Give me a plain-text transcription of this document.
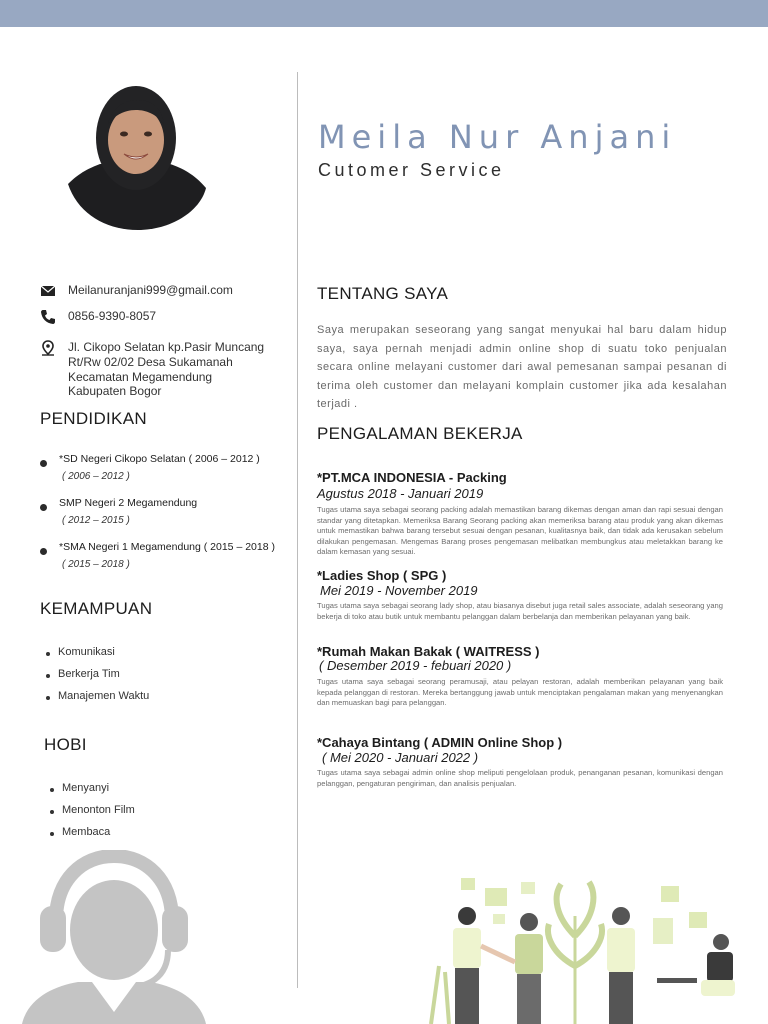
Meila Nur Anjani
Cutomer Service
Meilanuranjani999@gmail.com
0856-9390-8057
Jl. Cikopo Selatan kp.Pasir Muncang
Rt/Rw 02/02 Desa Sukamanah
Kecamatan Megamendung
Kabupaten Bogor
PENDIDIKAN
*SD Negeri Cikopo Selatan ( 2006 – 2012 )
( 2006 – 2012 )
SMP Negeri 2 Megamendung
( 2012 – 2015 )
*SMA Negeri 1 Megamendung ( 2015 – 2018 )
( 2015 – 2018 )
KEMAMPUAN
Komunikasi
Berkerja Tim
Manajemen Waktu
HOBI
Menyanyi
Menonton Film
Membaca
TENTANG SAYA
Saya merupakan seseorang yang sangat menyukai hal baru dalam hidup saya, saya pernah menjadi admin online shop di suatu toko penjualan secara online melayani customer dari awal pemesanan sampai pesanan di terima oleh customer dan melayani komplain customer jika ada kesalahan terjadi .
PENGALAMAN BEKERJA
*PT.MCA INDONESIA - Packing
Agustus 2018 - Januari 2019
Tugas utama saya sebagai seorang packing adalah memastikan barang dikemas dengan aman dan rapi sesuai dengan standar yang ditetapkan. Memeriksa Barang Seorang packing akan memeriksa barang atau produk yang akan dikemas untuk memastikan bahwa barang tersebut sesuai dengan pesanan, kualitasnya baik, dan tidak ada kerusakan sebelum dilakukan pengemasan. Mengemas Barang proses pengemasan melibatkan membungkus atau meletakkan barang ke dalam kemasan yang sesuai.
*Ladies Shop ( SPG )
Mei 2019 - November 2019
Tugas utama saya sebagai seorang lady shop, atau biasanya disebut juga retail sales associate, adalah seseorang yang bekerja di toko atau butik untuk membantu pelanggan dalam berbelanja dan memberikan pelayanan yang baik.
*Rumah Makan Bakak ( WAITRESS )
( Desember 2019 - febuari 2020 )
Tugas utama saya sebagai seorang peramusaji, atau pelayan restoran, adalah memberikan pelayanan yang baik kepada pelanggan di restoran. Mereka bertanggung jawab untuk menciptakan pengalaman makan yang menyenangkan dan memuaskan bagi para pelanggan.
*Cahaya Bintang ( ADMIN Online Shop )
( Mei 2020 - Januari 2022 )
Tugas utama saya sebagai admin online shop meliputi pengelolaan produk, penanganan pesanan, komunikasi dengan pelanggan, pengaturan pengiriman, dan analisis penjualan.
